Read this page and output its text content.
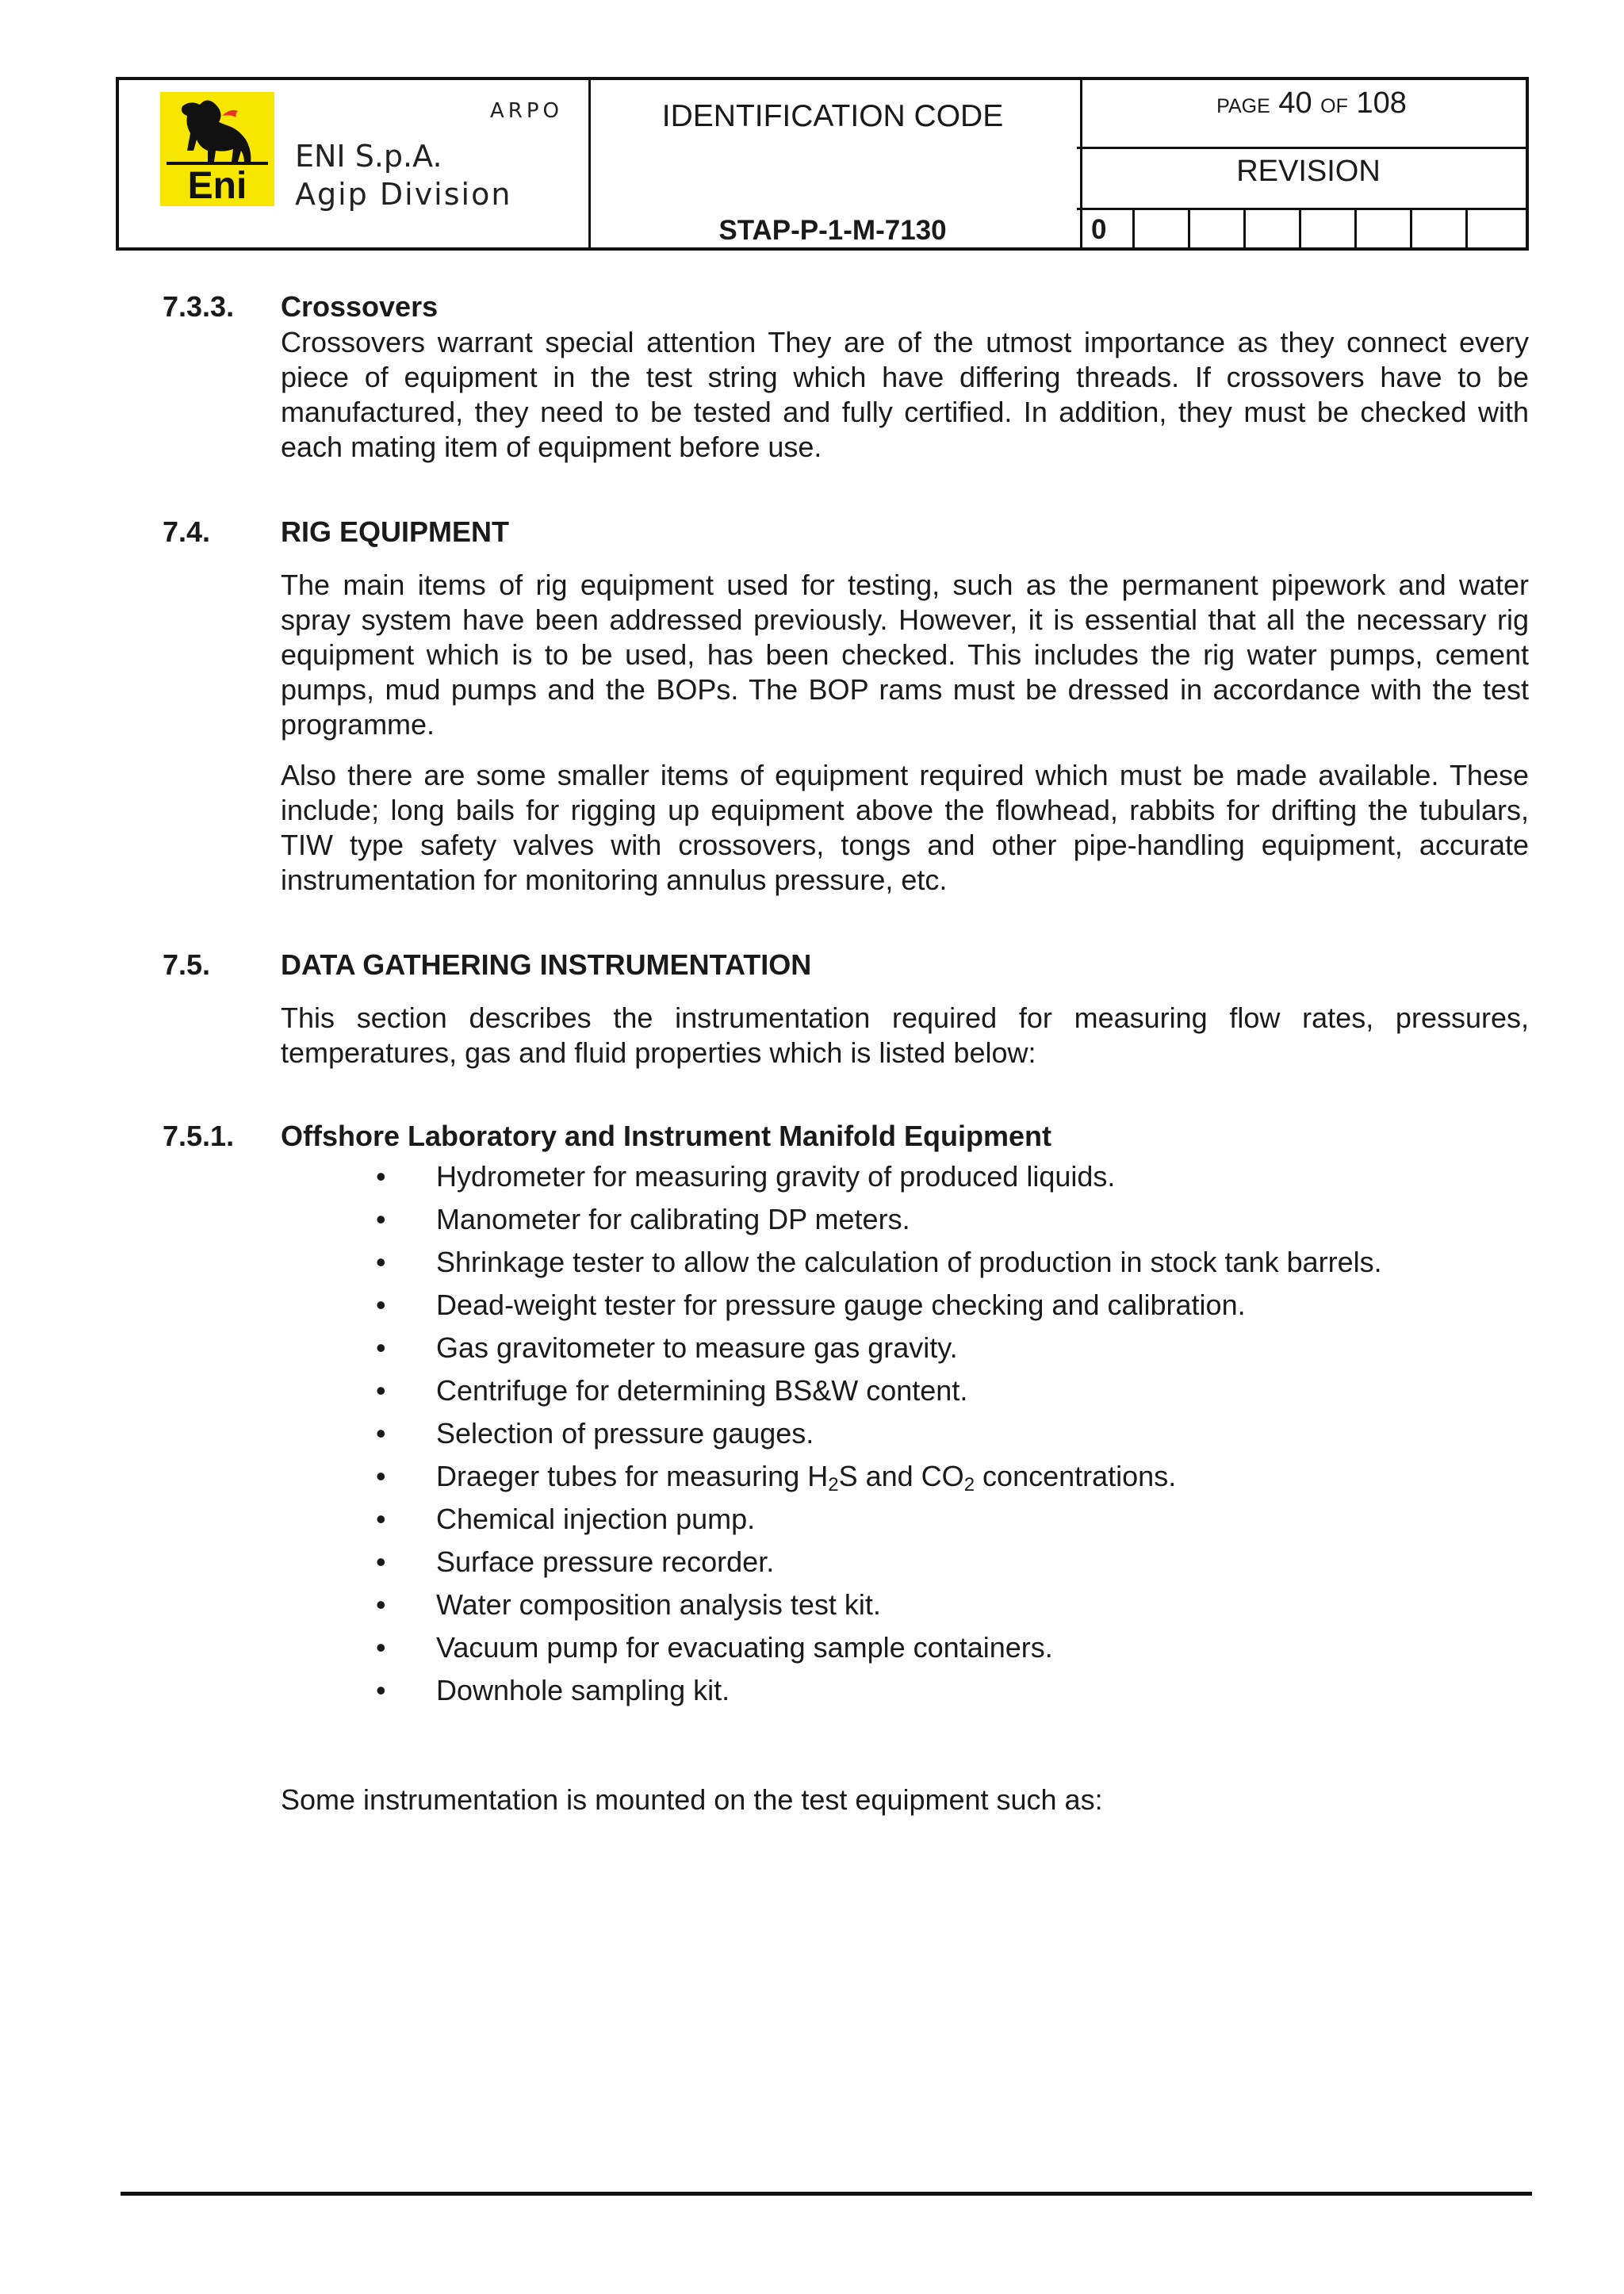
Eni
ARPO
ENI S.p.A.
Agip Division
IDENTIFICATION CODE
STAP-P-1-M-7130
PAGE 40 OF 108
REVISION
0
7.3.3. Crossovers

Crossovers warrant special attention They are of the utmost importance as they connect every piece of equipment in the test string which have differing threads. If crossovers have to be manufactured, they need to be tested and fully certified. In addition, they must be checked with each mating item of equipment before use.

7.4. RIG EQUIPMENT

The main items of rig equipment used for testing, such as the permanent pipework and water spray system have been addressed previously. However, it is essential that all the necessary rig equipment which is to be used, has been checked. This includes the rig water pumps, cement pumps, mud pumps and the BOPs. The BOP rams must be dressed in accordance with the test programme.

Also there are some smaller items of equipment required which must be made available. These include; long bails for rigging up equipment above the flowhead, rabbits for drifting the tubulars, TIW type safety valves with crossovers, tongs and other pipe-handling equipment, accurate instrumentation for monitoring annulus pressure, etc.

7.5. DATA GATHERING INSTRUMENTATION

This section describes the instrumentation required for measuring flow rates, pressures, temperatures, gas and fluid properties which is listed below:

7.5.1. Offshore Laboratory and Instrument Manifold Equipment
• Hydrometer for measuring gravity of produced liquids.
• Manometer for calibrating DP meters.
• Shrinkage tester to allow the calculation of production in stock tank barrels.
• Dead-weight tester for pressure gauge checking and calibration.
• Gas gravitometer to measure gas gravity.
• Centrifuge for determining BS&W content.
• Selection of pressure gauges.
• Draeger tubes for measuring $H_2S$ and $CO_2$ concentrations.
• Chemical injection pump.
• Surface pressure recorder.
• Water composition analysis test kit.
• Vacuum pump for evacuating sample containers.
• Downhole sampling kit.

Some instrumentation is mounted on the test equipment such as:
